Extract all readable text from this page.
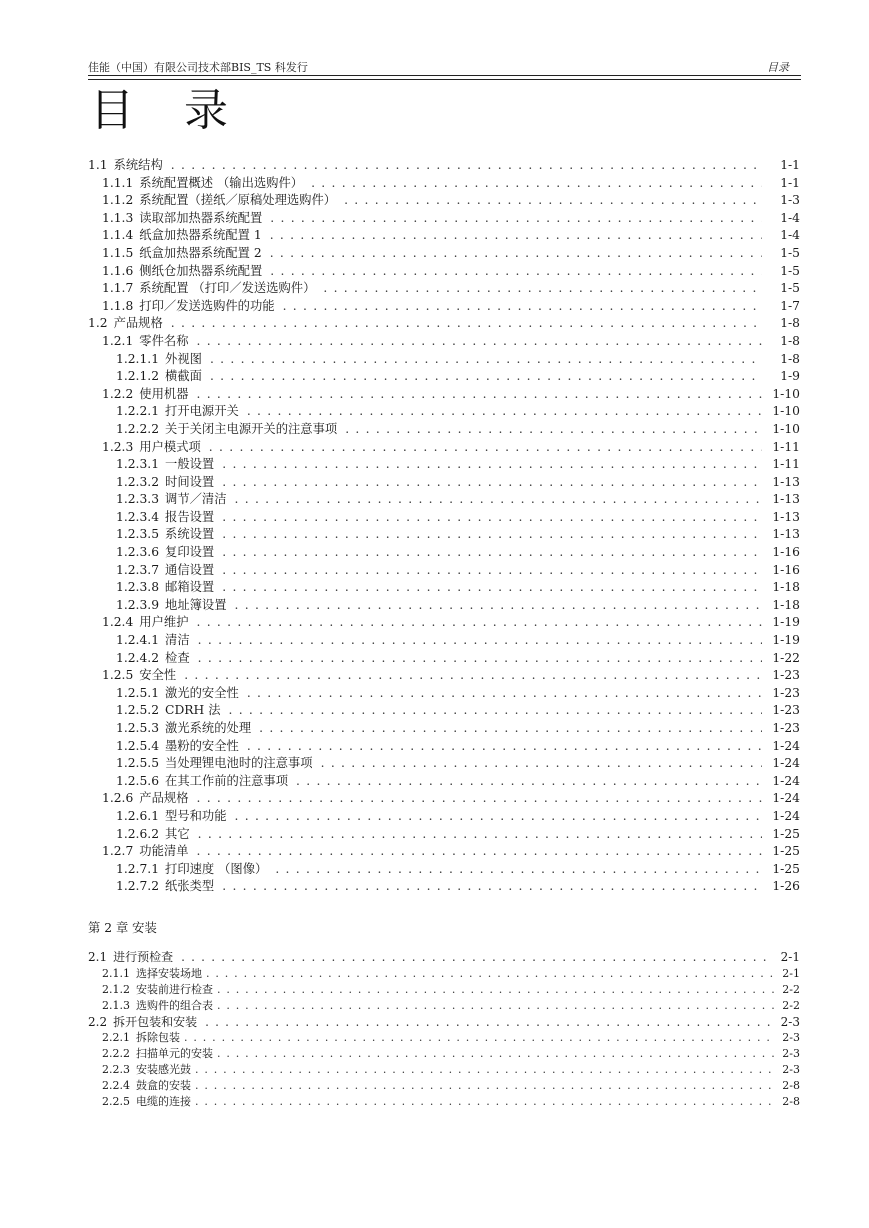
佳能（中国）有限公司技术部BIS_TS 科发行	目录
目 录
1.1 系统结构 . . .	1-1
1.1.1 系统配置概述 （输出选购件） . . .	1-1
1.1.2 系统配置（搓纸／原稿处理选购件） . . .	1-3
1.1.3 读取部加热器系统配置 . . .	1-4
1.1.4 纸盒加热器系统配置 1 . . .	1-4
1.1.5 纸盒加热器系统配置 2 . . .	1-5
1.1.6 侧纸仓加热器系统配置 . . .	1-5
1.1.7 系统配置 （打印／发送选购件） . . .	1-5
1.1.8 打印／发送选购件的功能 . . .	1-7
1.2 产品规格 . . .	1-8
1.2.1 零件名称 . . .	1-8
1.2.1.1 外视图 . . .	1-8
1.2.1.2 横截面 . . .	1-9
1.2.2 使用机器 . . .	1-10
1.2.2.1 打开电源开关 . . .	1-10
1.2.2.2 关于关闭主电源开关的注意事项 . . .	1-10
1.2.3 用户模式项 . . .	1-11
1.2.3.1 一般设置 . . .	1-11
1.2.3.2 时间设置 . . .	1-13
1.2.3.3 调节／清洁 . . .	1-13
1.2.3.4 报告设置 . . .	1-13
1.2.3.5 系统设置 . . .	1-13
1.2.3.6 复印设置 . . .	1-16
1.2.3.7 通信设置 . . .	1-16
1.2.3.8 邮箱设置 . . .	1-18
1.2.3.9 地址簿设置 . . .	1-18
1.2.4 用户维护 . . .	1-19
1.2.4.1 清洁 . . .	1-19
1.2.4.2 检查 . . .	1-22
1.2.5 安全性 . . .	1-23
1.2.5.1 激光的安全性 . . .	1-23
1.2.5.2 CDRH 法 . . .	1-23
1.2.5.3 激光系统的处理 . . .	1-23
1.2.5.4 墨粉的安全性 . . .	1-24
1.2.5.5 当处理锂电池时的注意事项 . . .	1-24
1.2.5.6 在其工作前的注意事项 . . .	1-24
1.2.6 产品规格 . . .	1-24
1.2.6.1 型号和功能 . . .	1-24
1.2.6.2 其它 . . .	1-25
1.2.7 功能清单 . . .	1-25
1.2.7.1 打印速度 （图像） . . .	1-25
1.2.7.2 纸张类型 . . .	1-26
第 2 章 安装
2.1 进行预检查 . . .	2-1
2.1.1 选择安装场地 . . .	2-1
2.1.2 安装前进行检查 . . .	2-2
2.1.3 选购件的组合表 . . .	2-2
2.2 拆开包装和安装 . . .	2-3
2.2.1 拆除包装 . . .	2-3
2.2.2 扫描单元的安装 . . .	2-3
2.2.3 安装感光鼓 . . .	2-3
2.2.4 鼓盒的安装 . . .	2-8
2.2.5 电缆的连接 . . .	2-8
